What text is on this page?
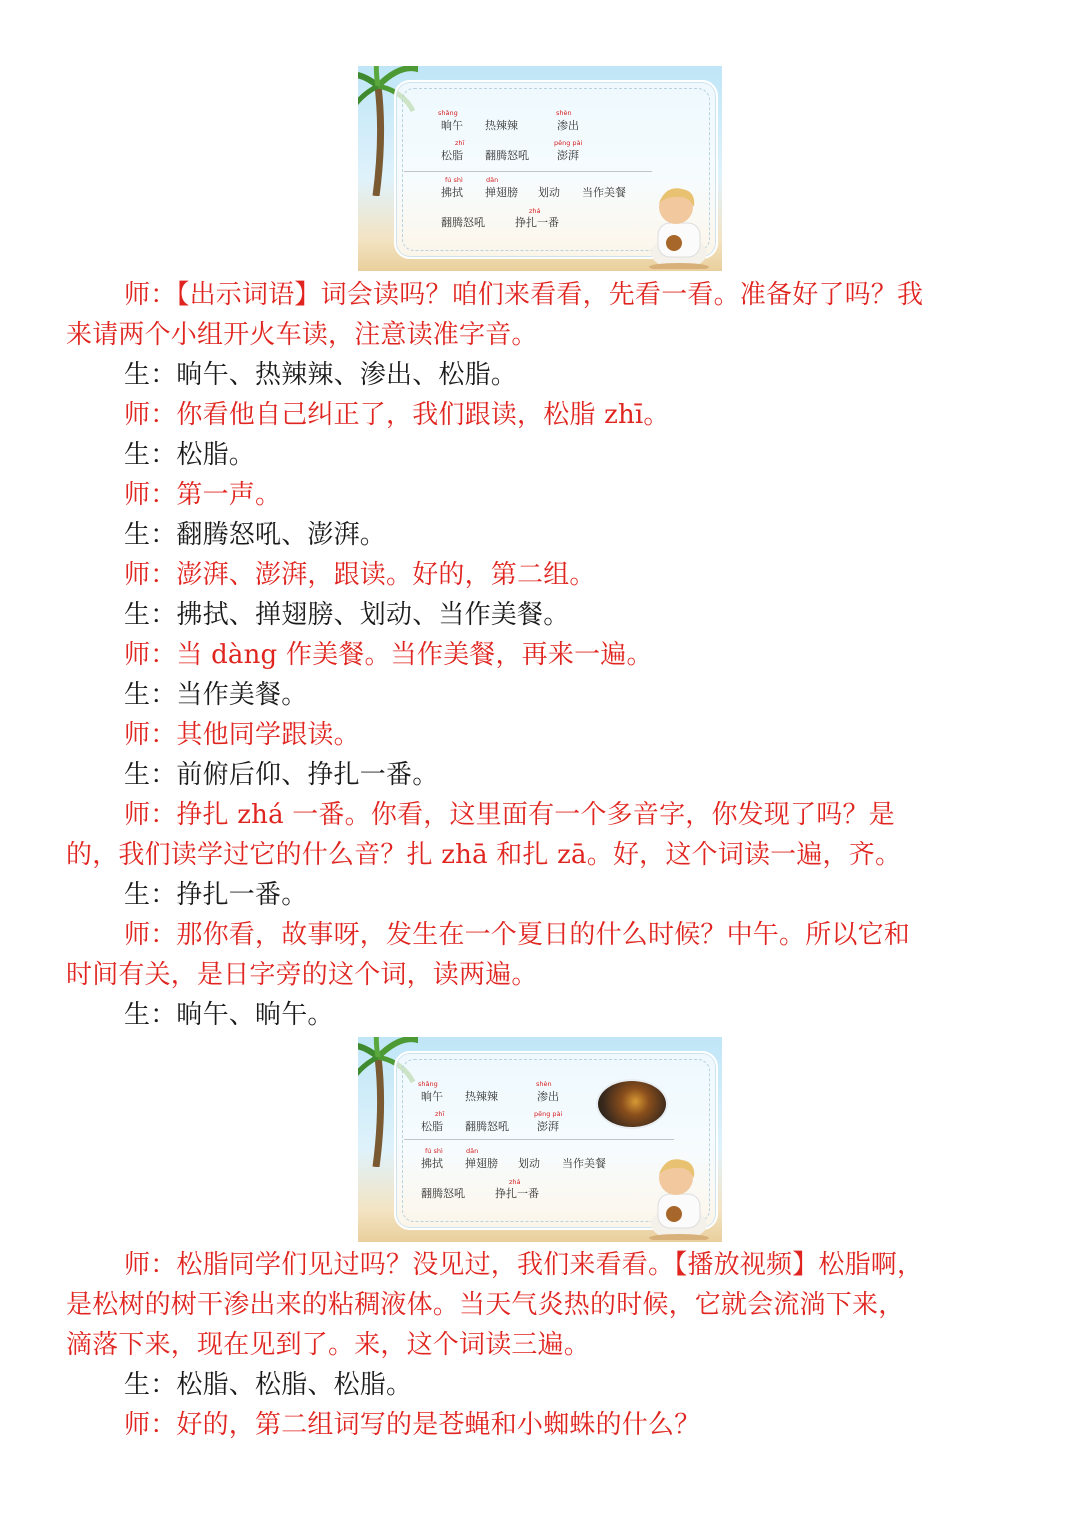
shǎng	shèn
晌午 热辣辣	渗出
zhī	pēng pài
松脂 翻腾怒吼	澎湃
fú shì	dǎn
拂拭 掸翅膀 划动 当作美餐
zhá
翻腾怒吼	挣扎一番
师：【出示词语】词会读吗？咱们来看看，先看一看。准备好了吗？我
来请两个小组开火车读，注意读准字音。
生：晌午、热辣辣、渗出、松脂。
师：你看他自己纠正了，我们跟读，松脂 zhī。
生：松脂。
师：第一声。
生：翻腾怒吼、澎湃。
师：澎湃、澎湃，跟读。好的，第二组。
生：拂拭、掸翅膀、划动、当作美餐。
师：当 dàng 作美餐。当作美餐，再来一遍。
生：当作美餐。
师：其他同学跟读。
生：前俯后仰、挣扎一番。
师：挣扎 zhá 一番。你看，这里面有一个多音字，你发现了吗？是
的，我们读学过它的什么音？扎 zhā 和扎 zā。好，这个词读一遍，齐。
生：挣扎一番。
师：那你看，故事呀，发生在一个夏日的什么时候？中午。所以它和
时间有关，是日字旁的这个词，读两遍。
生：晌午、晌午。
shǎng	shèn
晌午 热辣辣	渗出
zhī	pēng pài
松脂 翻腾怒吼	澎湃
fú shì	dǎn
拂拭 掸翅膀 划动 当作美餐
zhá
翻腾怒吼	挣扎一番
师：松脂同学们见过吗？没见过，我们来看看。【播放视频】松脂啊，
是松树的树干渗出来的粘稠液体。当天气炎热的时候，它就会流淌下来，
滴落下来，现在见到了。来，这个词读三遍。
生：松脂、松脂、松脂。
师：好的，第二组词写的是苍蝇和小蜘蛛的什么？
